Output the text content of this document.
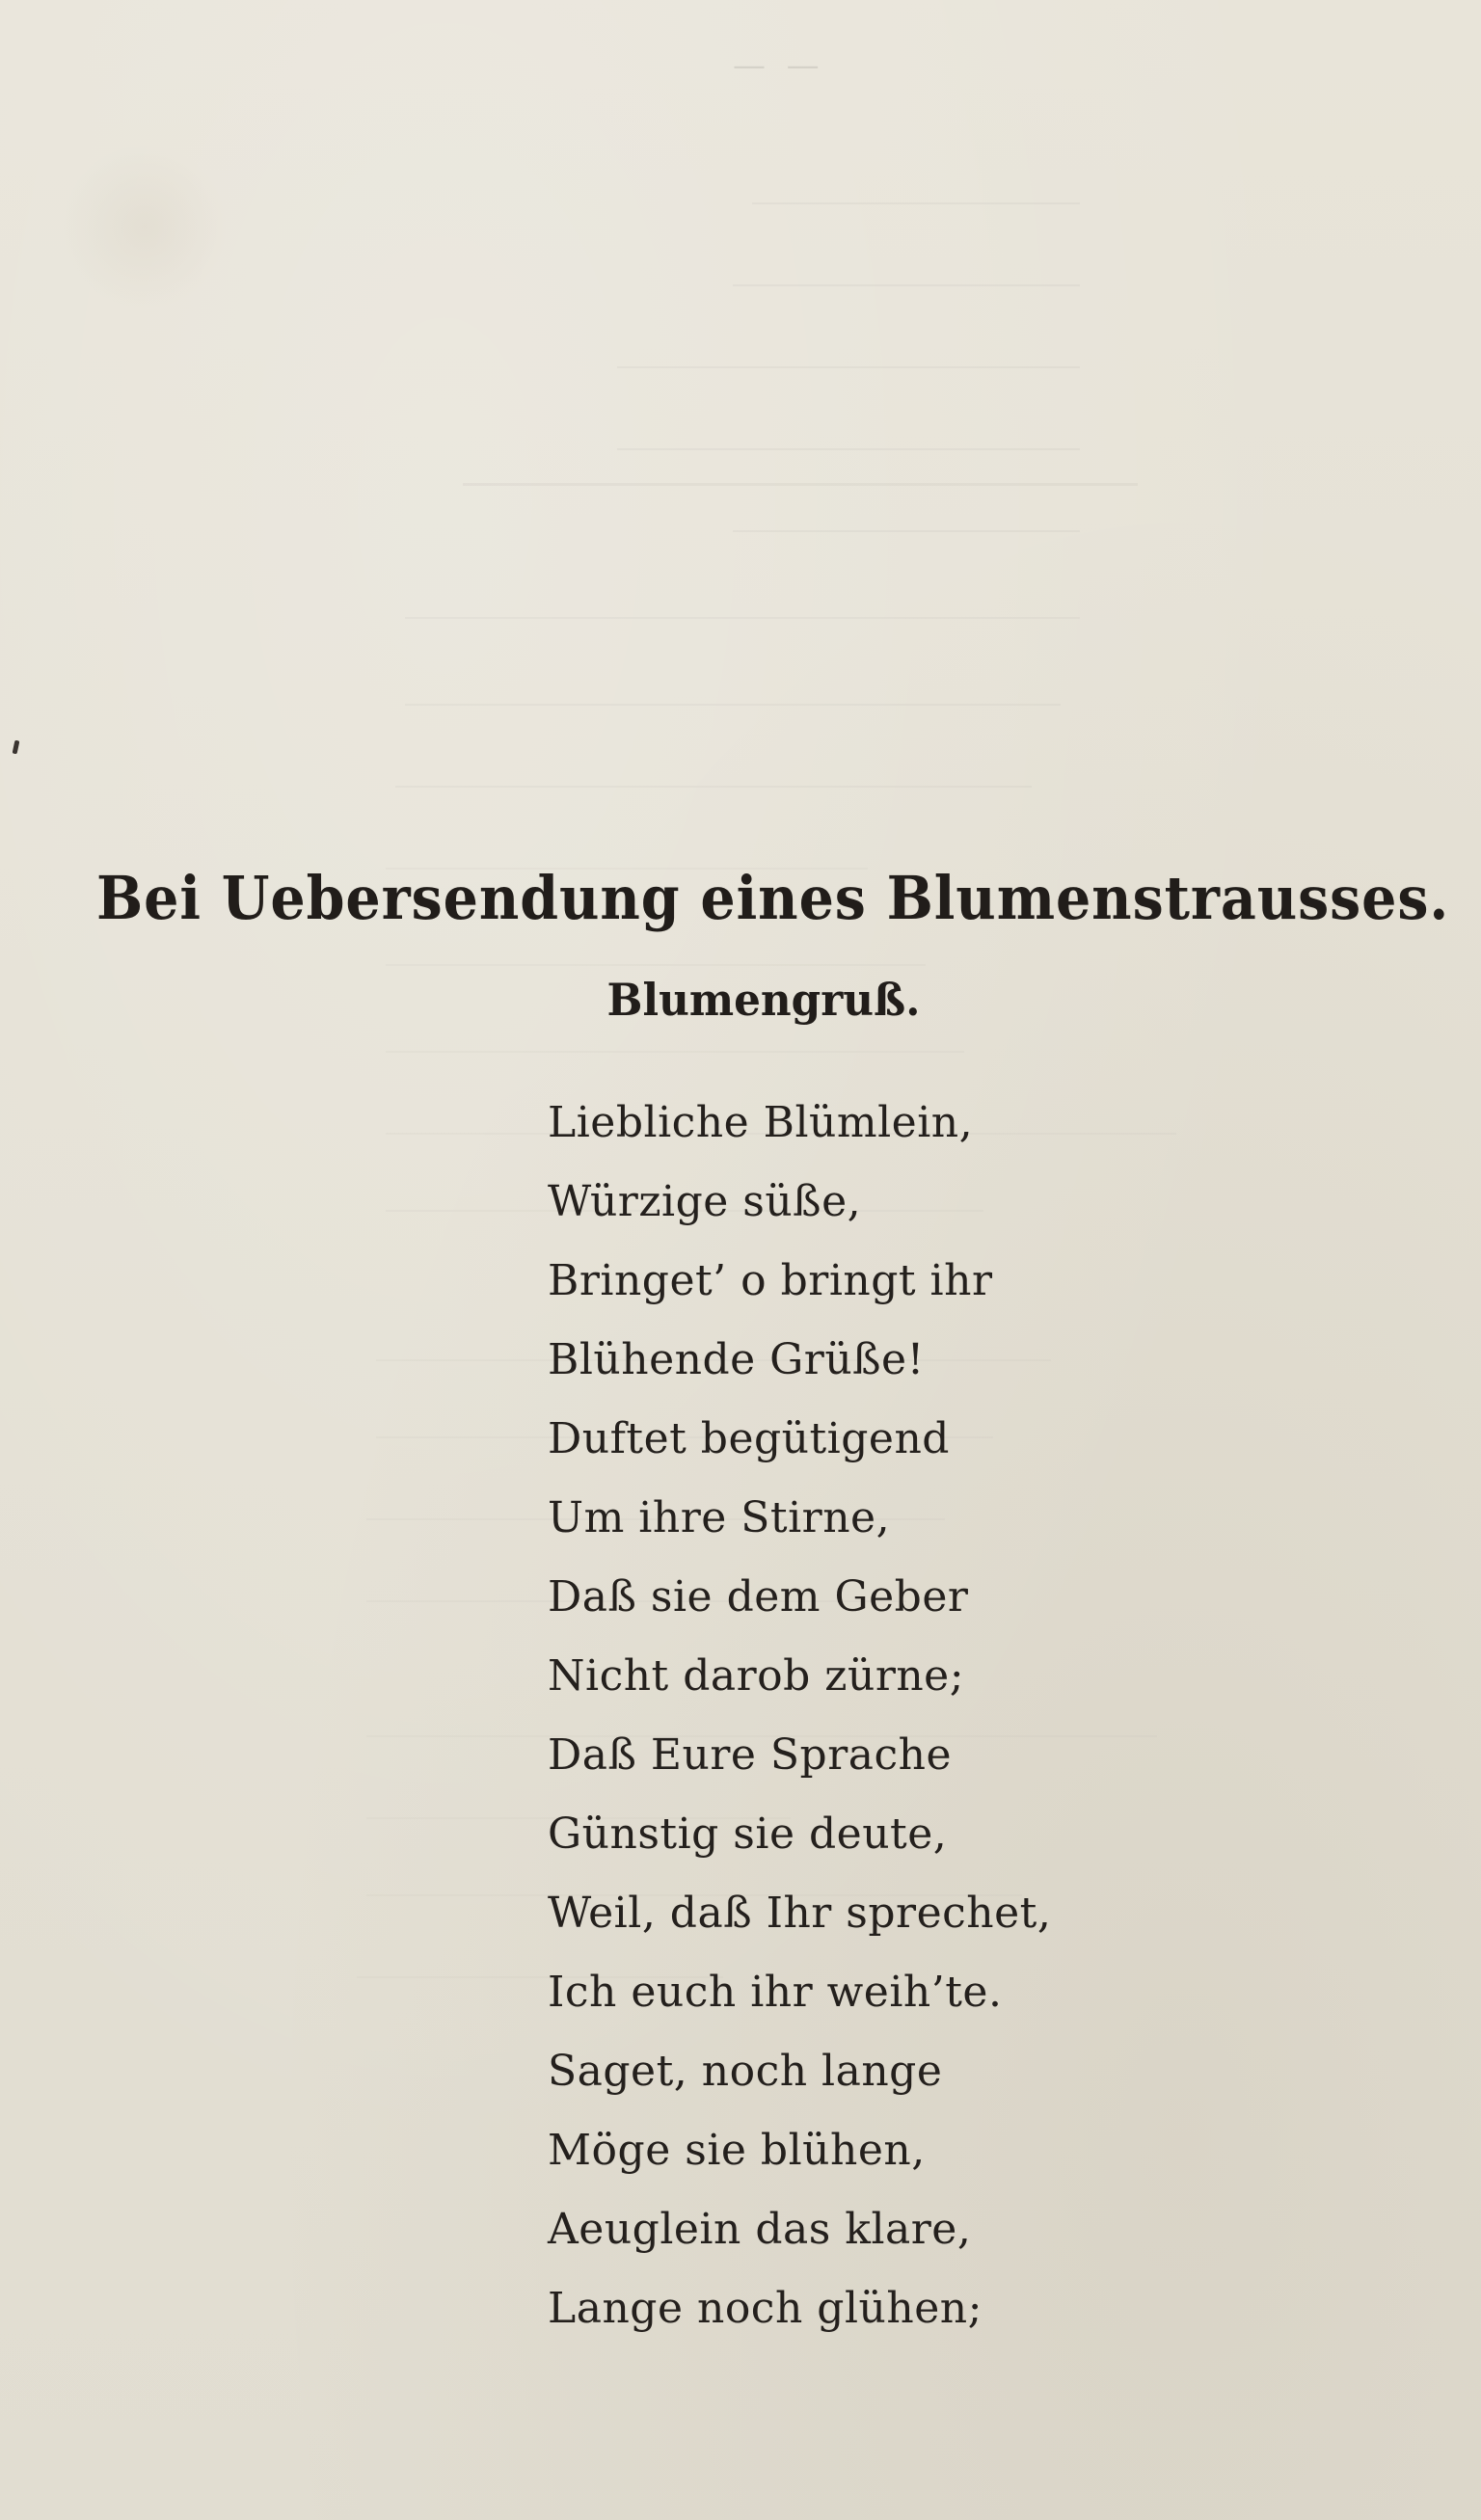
— ​ —
Bei Uebersendung eines Blumenstrausses.
Blumengruß.
Liebliche Blümlein,
Würzige süße,
Bringet’ o bringt ihr
Blühende Grüße!
Duftet begütigend
Um ihre Stirne,
Daß sie dem Geber
Nicht darob zürne;
Daß Eure Sprache
Günstig sie deute,
Weil, daß Ihr sprechet,
Ich euch ihr weih’te.
Saget, noch lange
Möge sie blühen,
Aeuglein das klare,
Lange noch glühen;
